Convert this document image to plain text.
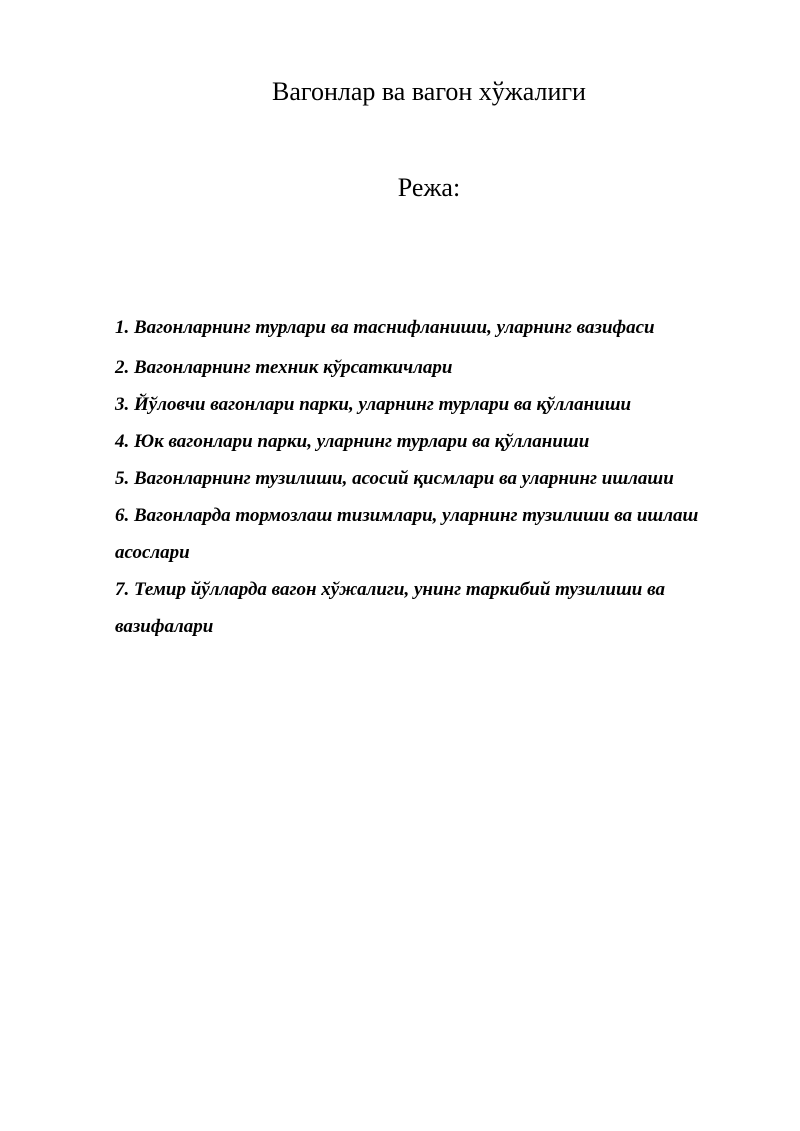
Вагонлар ва вагон хўжалиги
Режа:
1. Вагонларнинг турлари ва таснифланиши, уларнинг вазифаси
2. Вагонларнинг техник кўрсаткичлари
3. Йўловчи вагонлари парки, уларнинг турлари ва қўлланиши
4. Юк вагонлари парки, уларнинг турлари ва қўлланиши
5. Вагонларнинг тузилиши, асосий қисмлари ва уларнинг ишлаши
6. Вагонларда тормозлаш тизимлари, уларнинг тузилиши ва ишлаш асослари
7. Темир йўлларда вагон хўжалиги, унинг таркибий тузилиши ва вазифалари
